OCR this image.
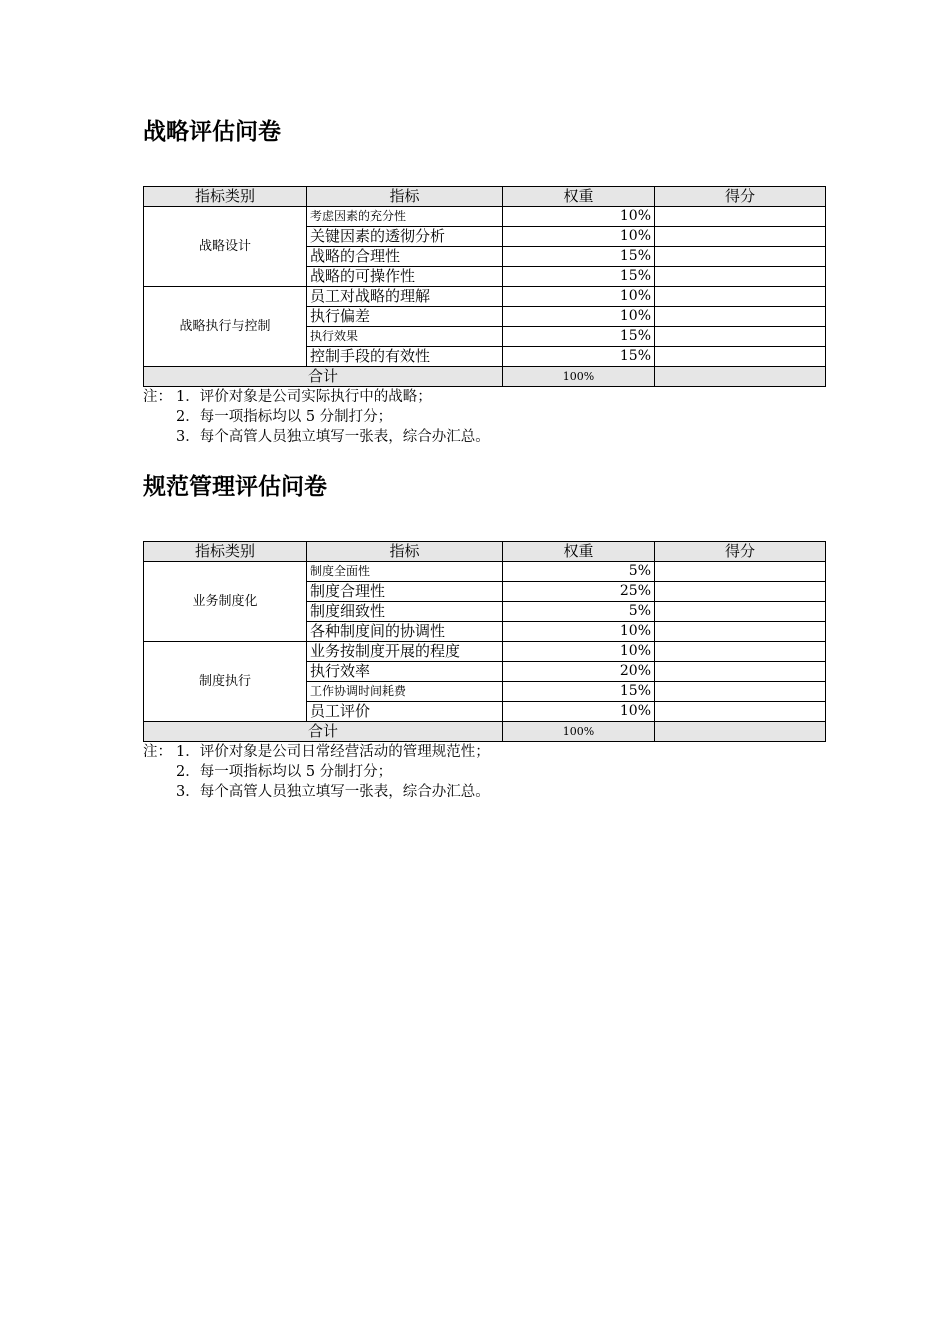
战略评估问卷
指标类别	指标	权重	得分
战略设计	考虑因素的充分性	10%	
	关键因素的透彻分析	10%	
	战略的合理性	15%	
	战略的可操作性	15%	
战略执行与控制	员工对战略的理解	10%	
	执行偏差	10%	
	执行效果	15%	
	控制手段的有效性	15%	
合计		100%	
注： 1．评价对象是公司实际执行中的战略；
2．每一项指标均以 5 分制打分；
3．每个高管人员独立填写一张表，综合办汇总。
规范管理评估问卷
指标类别	指标	权重	得分
业务制度化	制度全面性	5%	
	制度合理性	25%	
	制度细致性	5%	
	各种制度间的协调性	10%	
制度执行	业务按制度开展的程度	10%	
	执行效率	20%	
	工作协调时间耗费	15%	
	员工评价	10%	
合计		100%	
注： 1．评价对象是公司日常经营活动的管理规范性；
2．每一项指标均以 5 分制打分；
3．每个高管人员独立填写一张表，综合办汇总。
